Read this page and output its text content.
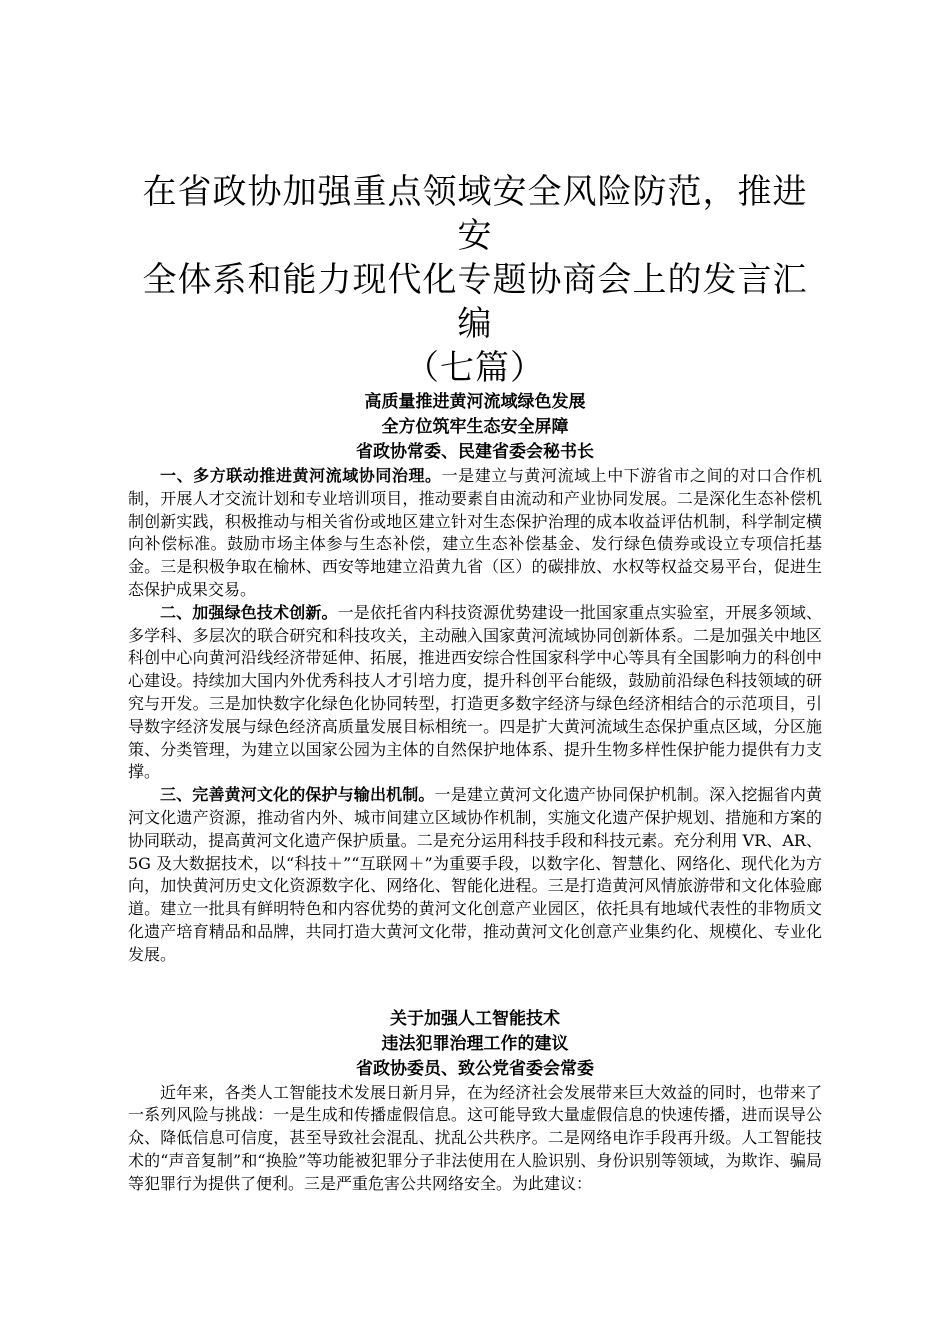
在省政协加强重点领域安全风险防范，推进安
全体系和能力现代化专题协商会上的发言汇编
（七篇）
高质量推进黄河流域绿色发展
全方位筑牢生态安全屏障
省政协常委、民建省委会秘书长

一、多方联动推进黄河流域协同治理。一是建立与黄河流域上中下游省市之间的对口合作机制，开展人才交流计划和专业培训项目，推动要素自由流动和产业协同发展。二是深化生态补偿机制创新实践，积极推动与相关省份或地区建立针对生态保护治理的成本收益评估机制，科学制定横向补偿标准。鼓励市场主体参与生态补偿，建立生态补偿基金、发行绿色债券或设立专项信托基金。三是积极争取在榆林、西安等地建立沿黄九省（区）的碳排放、水权等权益交易平台，促进生态保护成果交易。

二、加强绿色技术创新。一是依托省内科技资源优势建设一批国家重点实验室，开展多领域、多学科、多层次的联合研究和科技攻关，主动融入国家黄河流域协同创新体系。二是加强关中地区科创中心向黄河沿线经济带延伸、拓展，推进西安综合性国家科学中心等具有全国影响力的科创中心建设。持续加大国内外优秀科技人才引培力度，提升科创平台能级，鼓励前沿绿色科技领域的研究与开发。三是加快数字化绿色化协同转型，打造更多数字经济与绿色经济相结合的示范项目，引导数字经济发展与绿色经济高质量发展目标相统一。四是扩大黄河流域生态保护重点区域，分区施策、分类管理，为建立以国家公园为主体的自然保护地体系、提升生物多样性保护能力提供有力支撑。

三、完善黄河文化的保护与输出机制。一是建立黄河文化遗产协同保护机制。深入挖掘省内黄河文化遗产资源，推动省内外、城市间建立区域协作机制，实施文化遗产保护规划、措施和方案的协同联动，提高黄河文化遗产保护质量。二是充分运用科技手段和科技元素。充分利用 VR、AR、5G 及大数据技术，以“科技＋”“互联网＋”为重要手段，以数字化、智慧化、网络化、现代化为方向，加快黄河历史文化资源数字化、网络化、智能化进程。三是打造黄河风情旅游带和文化体验廊道。建立一批具有鲜明特色和内容优势的黄河文化创意产业园区，依托具有地域代表性的非物质文化遗产培育精品和品牌，共同打造大黄河文化带，推动黄河文化创意产业集约化、规模化、专业化发展。

关于加强人工智能技术
违法犯罪治理工作的建议
省政协委员、致公党省委会常委

近年来，各类人工智能技术发展日新月异，在为经济社会发展带来巨大效益的同时，也带来了一系列风险与挑战：一是生成和传播虚假信息。这可能导致大量虚假信息的快速传播，进而误导公众、降低信息可信度，甚至导致社会混乱、扰乱公共秩序。二是网络电诈手段再升级。人工智能技术的“声音复制”和“换脸”等功能被犯罪分子非法使用在人脸识别、身份识别等领域，为欺诈、骗局等犯罪行为提供了便利。三是严重危害公共网络安全。为此建议：
